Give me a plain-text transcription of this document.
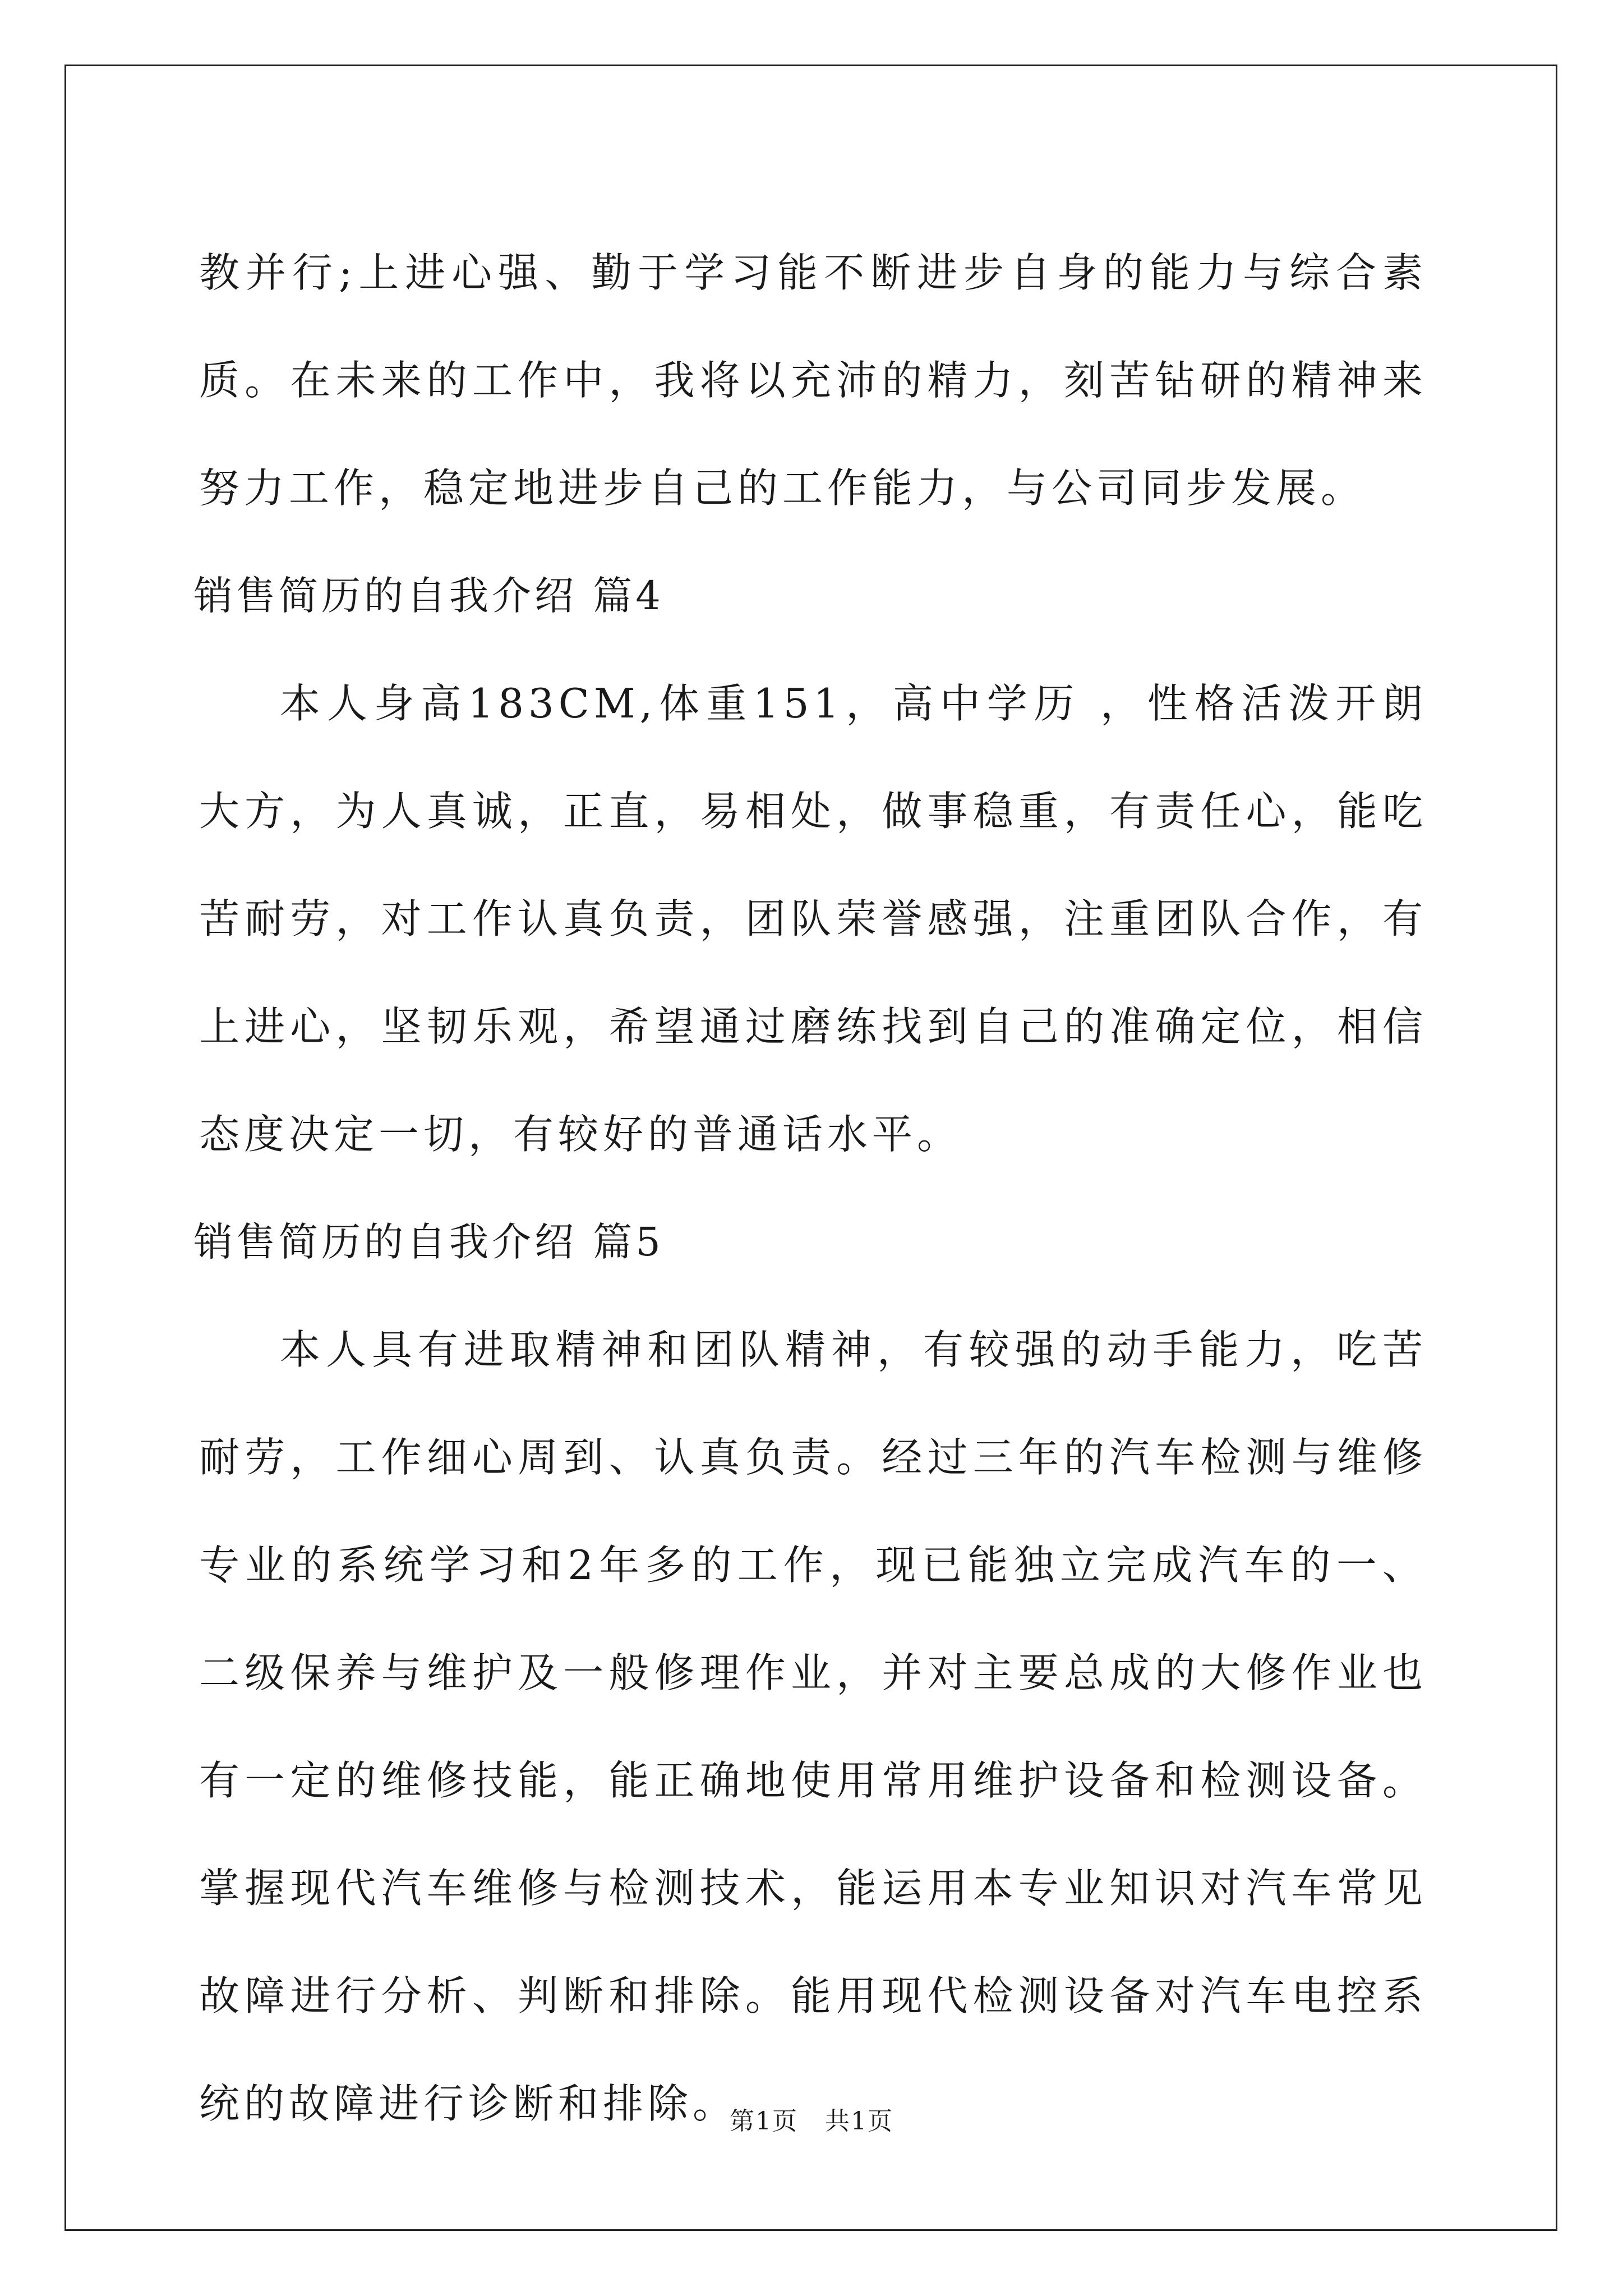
教并行;上进心强、勤于学习能不断进步自身的能力与综合素质。在未来的工作中，我将以充沛的精力，刻苦钻研的精神来努力工作，稳定地进步自己的工作能力，与公司同步发展。

销售简历的自我介绍 篇4

本人身高183CM,体重151，高中学历 ，性格活泼开朗大方，为人真诚，正直，易相处，做事稳重，有责任心，能吃苦耐劳，对工作认真负责，团队荣誉感强，注重团队合作，有上进心，坚韧乐观，希望通过磨练找到自己的准确定位，相信态度决定一切，有较好的普通话水平。

销售简历的自我介绍 篇5

本人具有进取精神和团队精神，有较强的动手能力，吃苦耐劳，工作细心周到、认真负责。经过三年的汽车检测与维修专业的系统学习和2年多的工作，现已能独立完成汽车的一、二级保养与维护及一般修理作业，并对主要总成的大修作业也有一定的维修技能，能正确地使用常用维护设备和检测设备。 掌握现代汽车维修与检测技术，能运用本专业知识对汽车常见故障进行分析、判断和排除。能用现代检测设备对汽车电控系统的故障进行诊断和排除。

第1页 共1页
